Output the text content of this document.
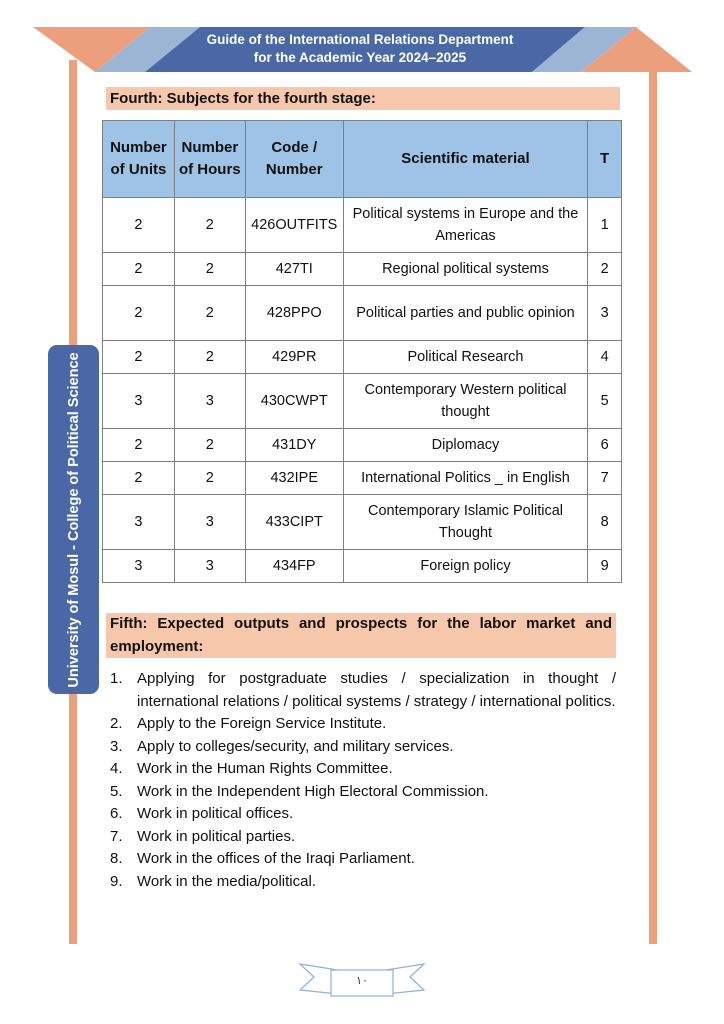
Guide of the International Relations Department
for the Academic Year 2024–2025
University of Mosul - College of Political Science
Fourth: Subjects for the fourth stage:
Number of Units	Number of Hours	Code / Number	Scientific material	T
2	2	426OUTFITS	Political systems in Europe and the Americas	1
2	2	427TI	Regional political systems	2
2	2	428PPO	Political parties and public opinion	3
2	2	429PR	Political Research	4
3	3	430CWPT	Contemporary Western political thought	5
2	2	431DY	Diplomacy	6
2	2	432IPE	International Politics _ in English	7
3	3	433CIPT	Contemporary Islamic Political Thought	8
3	3	434FP	Foreign policy	9
Fifth: Expected outputs and prospects for the labor market and employment:
1. Applying for postgraduate studies / specialization in thought / international relations / political systems / strategy / international politics.
2. Apply to the Foreign Service Institute.
3. Apply to colleges/security, and military services.
4. Work in the Human Rights Committee.
5. Work in the Independent High Electoral Commission.
6. Work in political offices.
7. Work in political parties.
8. Work in the offices of the Iraqi Parliament.
9. Work in the media/political.
١٠
